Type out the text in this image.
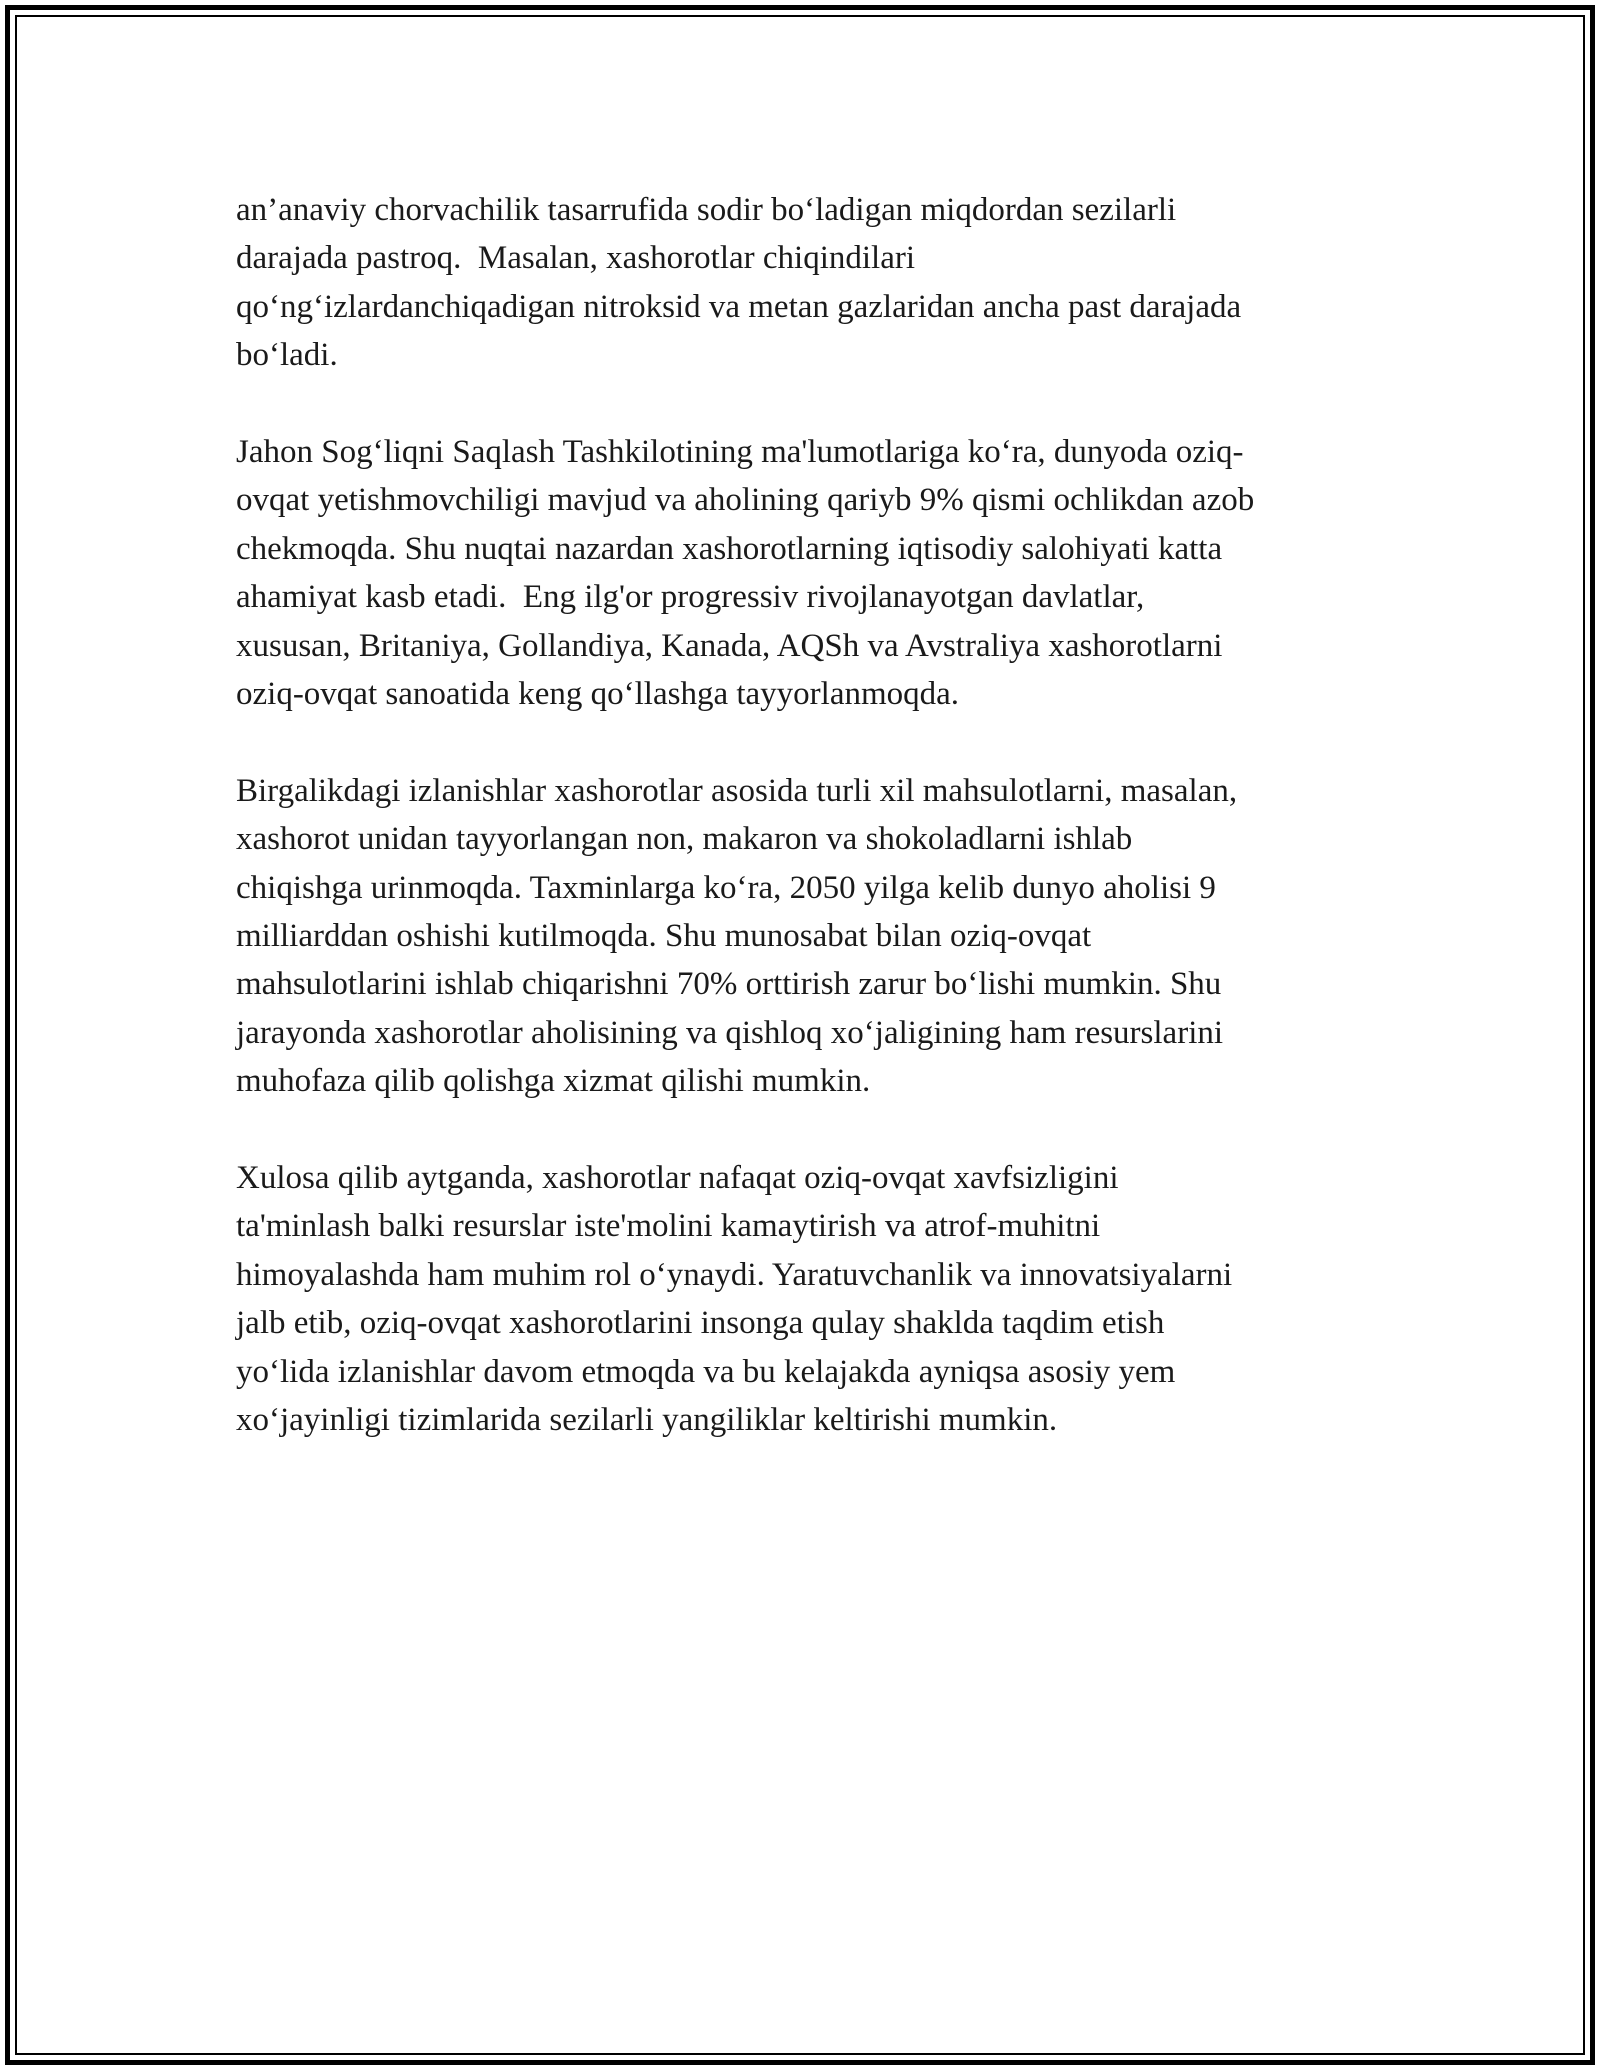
an’anaviy chorvachilik tasarrufida sodir bo‘ladigan miqdordan sezilarli
darajada pastroq.  Masalan, xashorotlar chiqindilari
qo‘ng‘izlardanchiqadigan nitroksid va metan gazlaridan ancha past darajada
bo‘ladi.

Jahon Sog‘liqni Saqlash Tashkilotining ma'lumotlariga ko‘ra, dunyoda oziq-
ovqat yetishmovchiligi mavjud va aholining qariyb 9% qismi ochlikdan azob
chekmoqda. Shu nuqtai nazardan xashorotlarning iqtisodiy salohiyati katta
ahamiyat kasb etadi.  Eng ilg'or progressiv rivojlanayotgan davlatlar,
xususan, Britaniya, Gollandiya, Kanada, AQSh va Avstraliya xashorotlarni
oziq-ovqat sanoatida keng qo‘llashga tayyorlanmoqda.

Birgalikdagi izlanishlar xashorotlar asosida turli xil mahsulotlarni, masalan,
xashorot unidan tayyorlangan non, makaron va shokoladlarni ishlab
chiqishga urinmoqda. Taxminlarga ko‘ra, 2050 yilga kelib dunyo aholisi 9
milliarddan oshishi kutilmoqda. Shu munosabat bilan oziq-ovqat
mahsulotlarini ishlab chiqarishni 70% orttirish zarur bo‘lishi mumkin. Shu
jarayonda xashorotlar aholisining va qishloq xo‘jaligining ham resurslarini
muhofaza qilib qolishga xizmat qilishi mumkin.

Xulosa qilib aytganda, xashorotlar nafaqat oziq-ovqat xavfsizligini
ta'minlash balki resurslar iste'molini kamaytirish va atrof-muhitni
himoyalashda ham muhim rol o‘ynaydi. Yaratuvchanlik va innovatsiyalarni
jalb etib, oziq-ovqat xashorotlarini insonga qulay shaklda taqdim etish
yo‘lida izlanishlar davom etmoqda va bu kelajakda ayniqsa asosiy yem
xo‘jayinligi tizimlarida sezilarli yangiliklar keltirishi mumkin.
